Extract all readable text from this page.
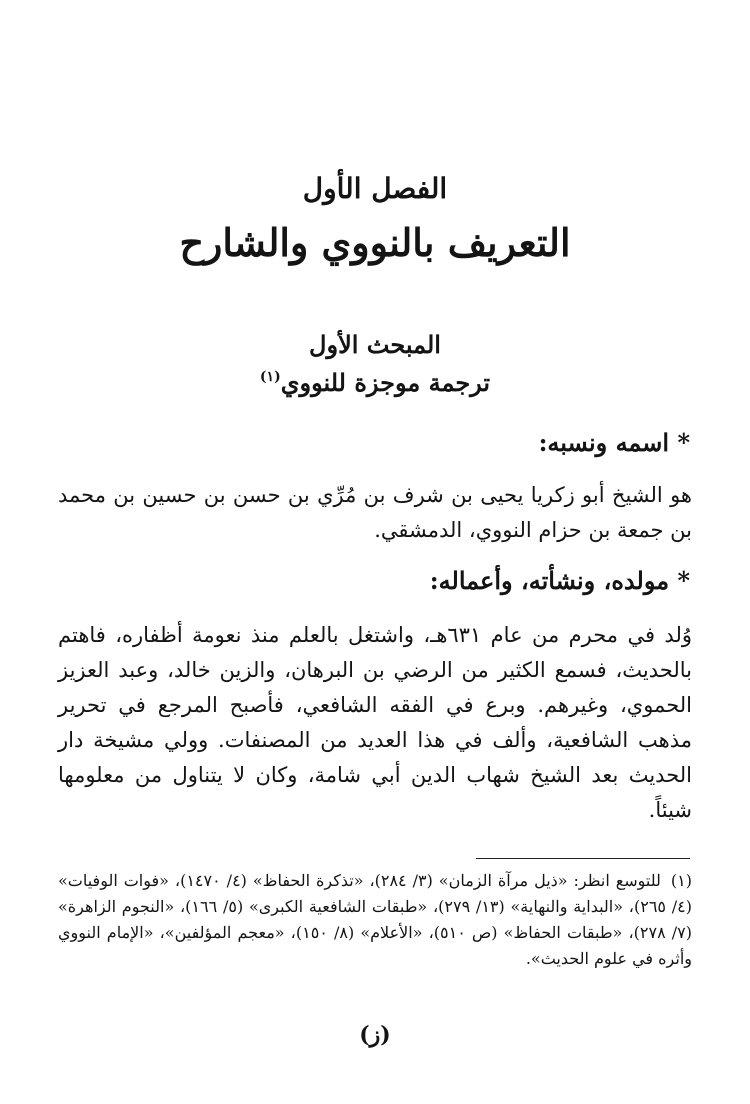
الفصل الأول
التعريف بالنووي والشارح
المبحث الأول
ترجمة موجزة للنووي$^{(١)}$
* اسمه ونسبه:
هو الشيخ أبو زكريا يحيى بن شرف بن مُرِّي بن حسن بن حسين بن محمد بن جمعة بن حزام النووي، الدمشقي.
* مولده، ونشأته، وأعماله:
وُلد في محرم من عام ٦٣١هـ، واشتغل بالعلم منذ نعومة أظفاره، فاهتم بالحديث، فسمع الكثير من الرضي بن البرهان، والزين خالد، وعبد العزيز الحموي، وغيرهم. وبرع في الفقه الشافعي، فأصبح المرجع في تحرير مذهب الشافعية، وألف في هذا العديد من المصنفات. وولي مشيخة دار الحديث بعد الشيخ شهاب الدين أبي شامة، وكان لا يتناول من معلومها شيئاً.
(١)للتوسع انظر: «ذيل مرآة الزمان» (٣/ ٢٨٤)، «تذكرة الحفاظ» (٤/ ١٤٧٠)، «فوات الوفيات» (٤/ ٢٦٥)، «البداية والنهاية» (١٣/ ٢٧٩)، «طبقات الشافعية الكبرى» (٥/ ١٦٦)، «النجوم الزاهرة» (٧/ ٢٧٨)، «طبقات الحفاظ» (ص ٥١٠)، «الأعلام» (٨/ ١٥٠)، «معجم المؤلفين»، «الإمام النووي وأثره في علوم الحديث».
(ز)
